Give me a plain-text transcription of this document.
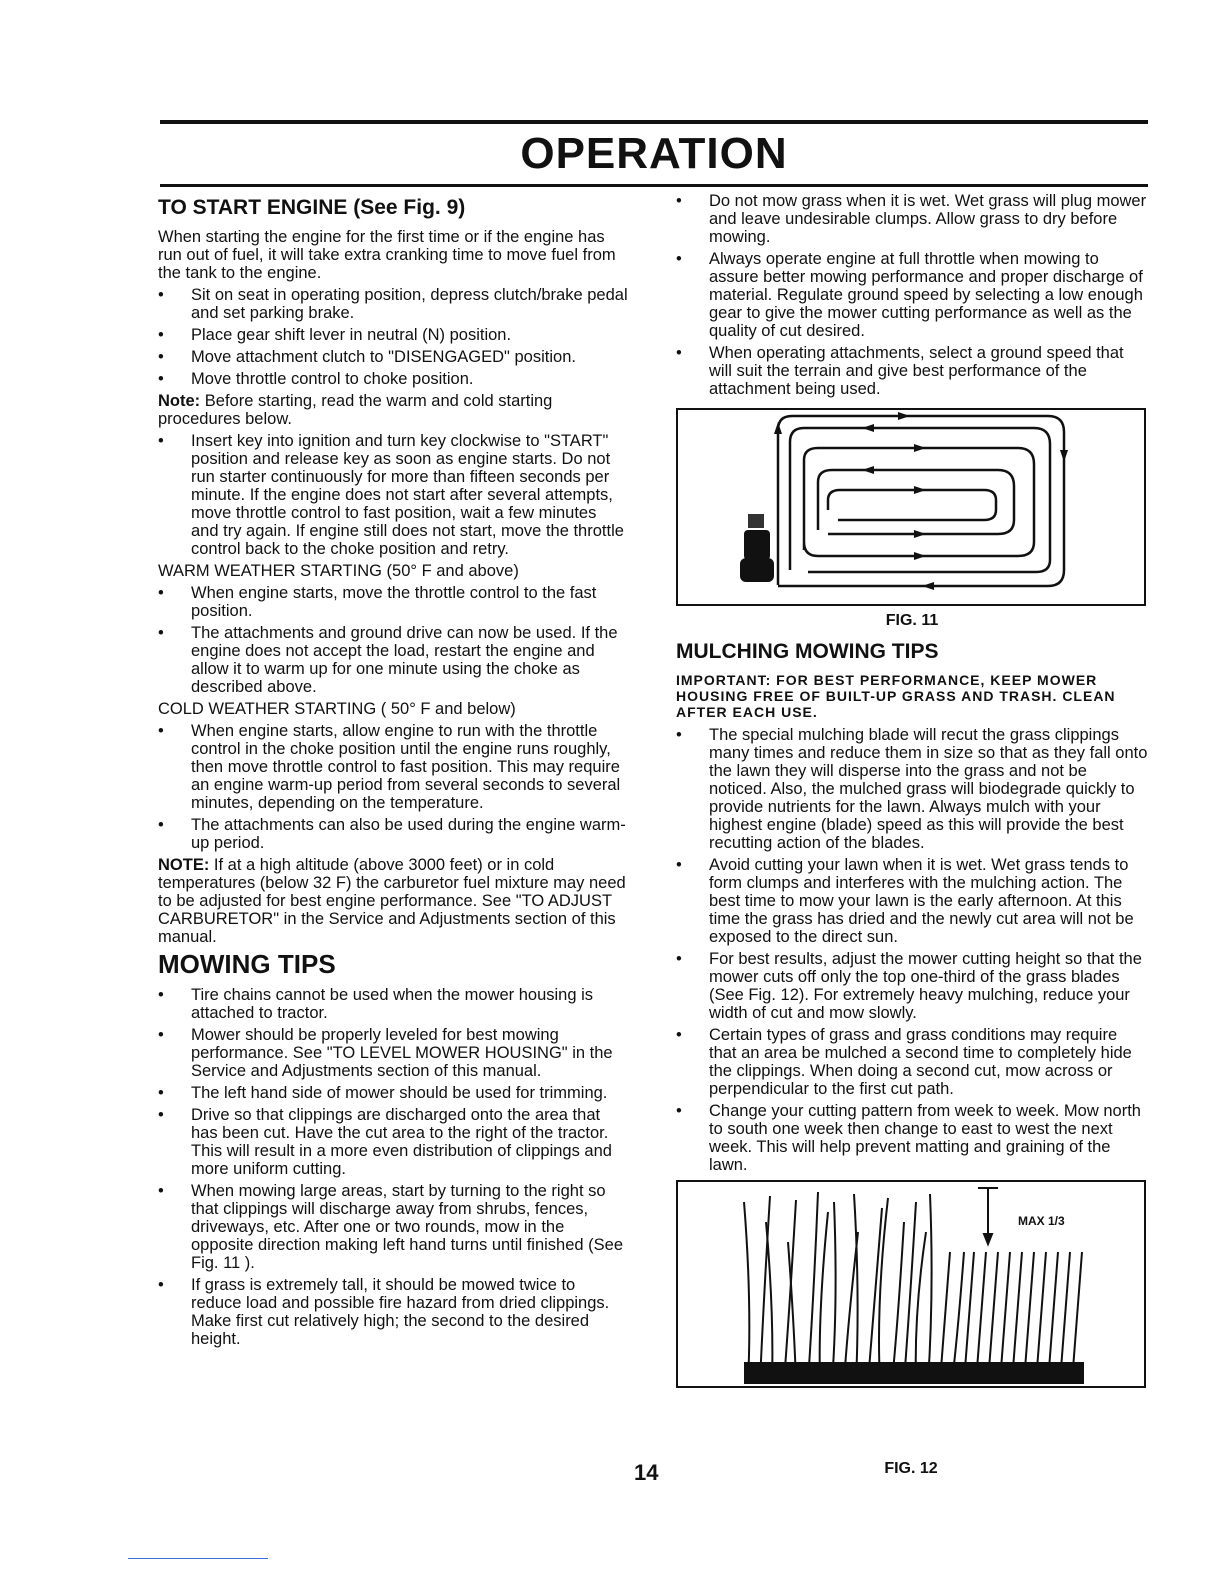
OPERATION
TO START ENGINE (See Fig. 9)

When starting the engine for the first time or if the engine has run out of fuel, it will take extra cranking time to move fuel from the tank to the engine.

• Sit on seat in operating position, depress clutch/brake pedal and set parking brake.
• Place gear shift lever in neutral (N) position.
• Move attachment clutch to "DISENGAGED" position.
• Move throttle control to choke position.

Note: Before starting, read the warm and cold starting procedures below.

• Insert key into ignition and turn key clockwise to "START" position and release key as soon as engine starts. Do not run starter continuously for more than fifteen seconds per minute. If the engine does not start after several attempts, move throttle control to fast position, wait a few minutes and try again. If engine still does not start, move the throttle control back to the choke position and retry.

WARM WEATHER STARTING (50° F and above)

• When engine starts, move the throttle control to the fast position.
• The attachments and ground drive can now be used. If the engine does not accept the load, restart the engine and allow it to warm up for one minute using the choke as described above.

COLD WEATHER STARTING ( 50° F and below)

• When engine starts, allow engine to run with the throttle control in the choke position until the engine runs roughly, then move throttle control to fast position. This may require an engine warm-up period from several seconds to several minutes, depending on the temperature.
• The attachments can also be used during the engine warm-up period.

NOTE: If at a high altitude (above 3000 feet) or in cold temperatures (below 32 F) the carburetor fuel mixture may need to be adjusted for best engine performance. See "TO ADJUST CARBURETOR" in the Service and Adjustments section of this manual.

MOWING TIPS
• Tire chains cannot be used when the mower housing is attached to tractor.
• Mower should be properly leveled for best mowing performance. See "TO LEVEL MOWER HOUSING" in the Service and Adjustments section of this manual.
• The left hand side of mower should be used for trimming.
• Drive so that clippings are discharged onto the area that has been cut. Have the cut area to the right of the tractor. This will result in a more even distribution of clippings and more uniform cutting.
• When mowing large areas, start by turning to the right so that clippings will discharge away from shrubs, fences, driveways, etc. After one or two rounds, mow in the opposite direction making left hand turns until finished (See Fig. 11 ).
• If grass is extremely tall, it should be mowed twice to reduce load and possible fire hazard from dried clippings. Make first cut relatively high; the second to the desired height.
• Do not mow grass when it is wet. Wet grass will plug mower and leave undesirable clumps. Allow grass to dry before mowing.
• Always operate engine at full throttle when mowing to assure better mowing performance and proper discharge of material. Regulate ground speed by selecting a low enough gear to give the mower cutting performance as well as the quality of cut desired.
• When operating attachments, select a ground speed that will suit the terrain and give best performance of the attachment being used.
FIG. 11
MULCHING MOWING TIPS

IMPORTANT: FOR BEST PERFORMANCE, KEEP MOWER HOUSING FREE OF BUILT-UP GRASS AND TRASH. CLEAN AFTER EACH USE.

• The special mulching blade will recut the grass clippings many times and reduce them in size so that as they fall onto the lawn they will disperse into the grass and not be noticed. Also, the mulched grass will biodegrade quickly to provide nutrients for the lawn. Always mulch with your highest engine (blade) speed as this will provide the best recutting action of the blades.
• Avoid cutting your lawn when it is wet. Wet grass tends to form clumps and interferes with the mulching action. The best time to mow your lawn is the early afternoon. At this time the grass has dried and the newly cut area will not be exposed to the direct sun.
• For best results, adjust the mower cutting height so that the mower cuts off only the top one-third of the grass blades (See Fig. 12). For extremely heavy mulching, reduce your width of cut and mow slowly.
• Certain types of grass and grass conditions may require that an area be mulched a second time to completely hide the clippings. When doing a second cut, mow across or perpendicular to the first cut path.
• Change your cutting pattern from week to week. Mow north to south one week then change to east to west the next week. This will help prevent matting and graining of the lawn.
MAX 1/3
14	FIG. 12
